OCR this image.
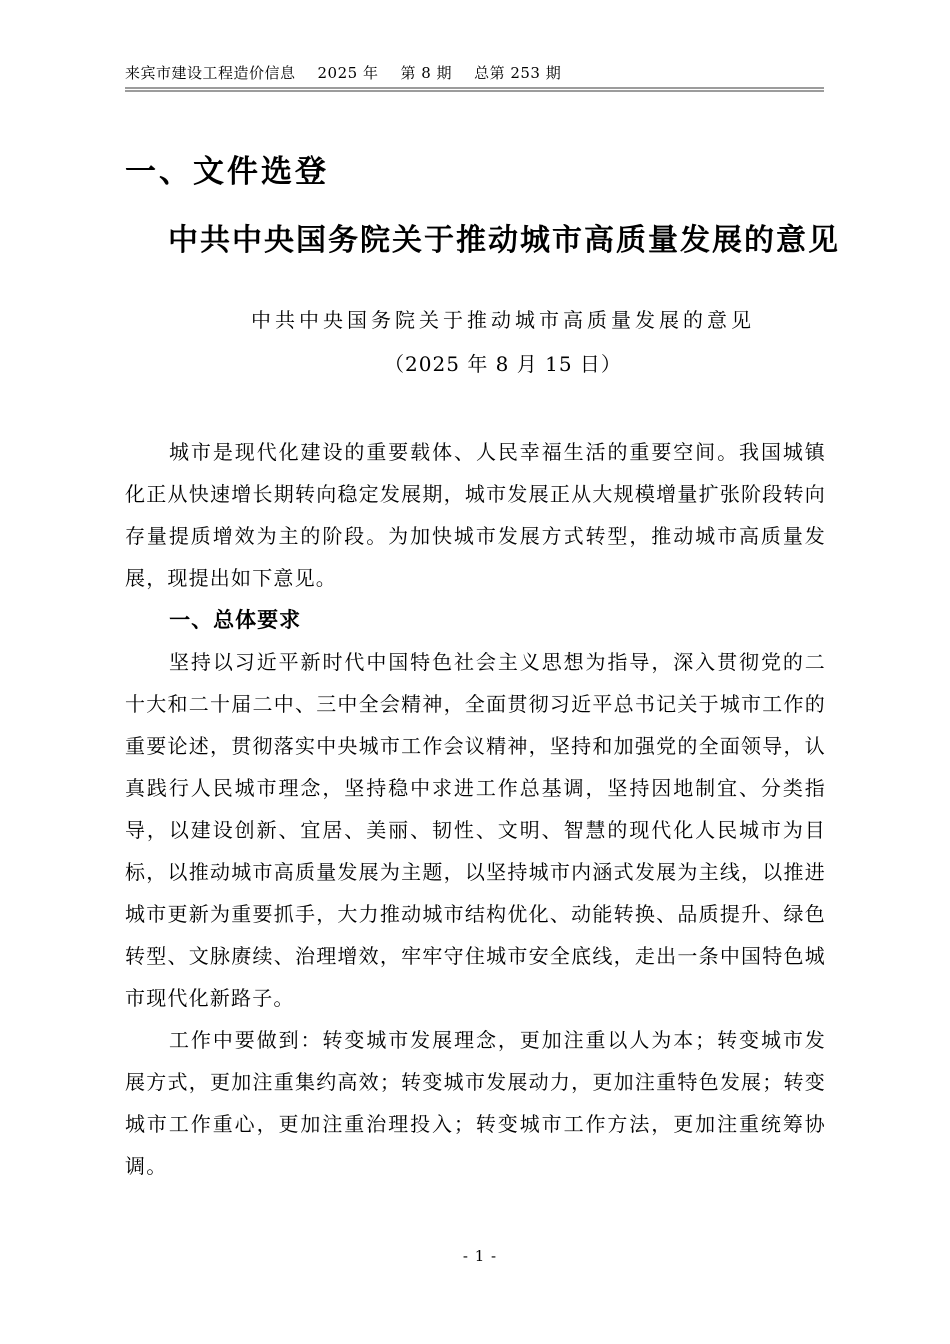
来宾市建设工程造价信息 2025 年 第 8 期 总第 253 期
一、文件选登
中共中央国务院关于推动城市高质量发展的意见
中共中央国务院关于推动城市高质量发展的意见
（2025 年 8 月 15 日）

城市是现代化建设的重要载体、人民幸福生活的重要空间。我国城镇化正从快速增长期转向稳定发展期，城市发展正从大规模增量扩张阶段转向存量提质增效为主的阶段。为加快城市发展方式转型，推动城市高质量发展，现提出如下意见。

一、总体要求

坚持以习近平新时代中国特色社会主义思想为指导，深入贯彻党的二十大和二十届二中、三中全会精神，全面贯彻习近平总书记关于城市工作的重要论述，贯彻落实中央城市工作会议精神，坚持和加强党的全面领导，认真践行人民城市理念，坚持稳中求进工作总基调，坚持因地制宜、分类指导，以建设创新、宜居、美丽、韧性、文明、智慧的现代化人民城市为目标，以推动城市高质量发展为主题，以坚持城市内涵式发展为主线，以推进城市更新为重要抓手，大力推动城市结构优化、动能转换、品质提升、绿色转型、文脉赓续、治理增效，牢牢守住城市安全底线，走出一条中国特色城市现代化新路子。

工作中要做到：转变城市发展理念，更加注重以人为本；转变城市发展方式，更加注重集约高效；转变城市发展动力，更加注重特色发展；转变城市工作重心，更加注重治理投入；转变城市工作方法，更加注重统筹协调。

- 1 -
